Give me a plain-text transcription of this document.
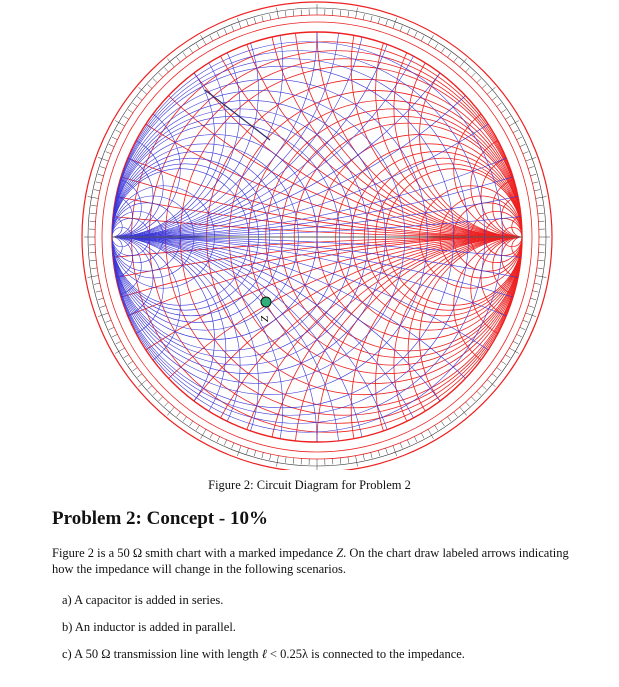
Z
Figure 2: Circuit Diagram for Problem 2
Problem 2: Concept - 10%
Figure 2 is a 50 Ω smith chart with a marked impedance Z. On the chart draw labeled arrows indicating how the impedance will change in the following scenarios.
a) A capacitor is added in series.
b) An inductor is added in parallel.
c) A 50 Ω transmission line with length ℓ < 0.25λ is connected to the impedance.
